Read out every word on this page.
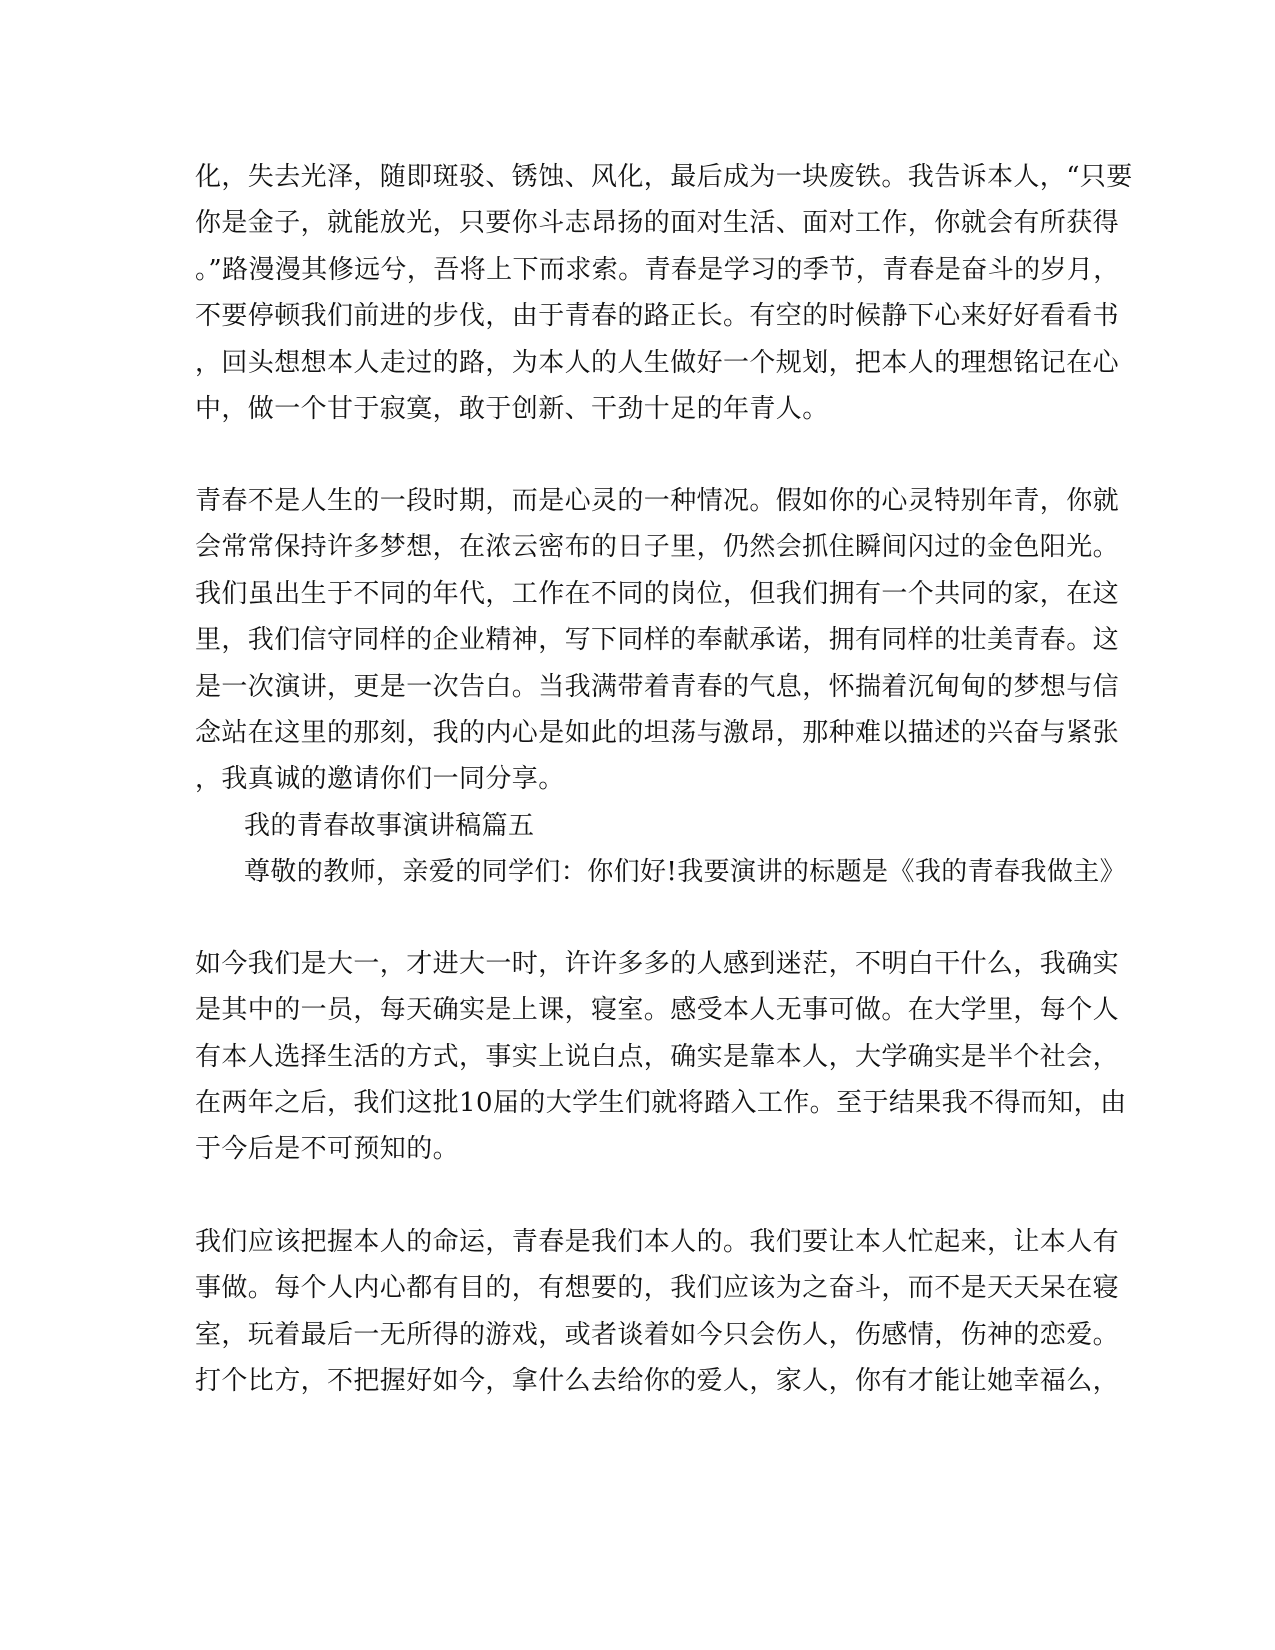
化，失去光泽，随即斑驳、锈蚀、风化，最后成为一块废铁。我告诉本人，“只要
你是金子，就能放光，只要你斗志昂扬的面对生活、面对工作，你就会有所获得
。”路漫漫其修远兮，吾将上下而求索。青春是学习的季节，青春是奋斗的岁月，
不要停顿我们前进的步伐，由于青春的路正长。有空的时候静下心来好好看看书
，回头想想本人走过的路，为本人的人生做好一个规划，把本人的理想铭记在心
中，做一个甘于寂寞，敢于创新、干劲十足的年青人。
青春不是人生的一段时期，而是心灵的一种情况。假如你的心灵特别年青，你就
会常常保持许多梦想，在浓云密布的日子里，仍然会抓住瞬间闪过的金色阳光。
我们虽出生于不同的年代，工作在不同的岗位，但我们拥有一个共同的家，在这
里，我们信守同样的企业精神，写下同样的奉献承诺，拥有同样的壮美青春。这
是一次演讲，更是一次告白。当我满带着青春的气息，怀揣着沉甸甸的梦想与信
念站在这里的那刻，我的内心是如此的坦荡与激昂，那种难以描述的兴奋与紧张
，我真诚的邀请你们一同分享。
我的青春故事演讲稿篇五
尊敬的教师，亲爱的同学们：你们好!我要演讲的标题是《我的青春我做主》
如今我们是大一，才进大一时，许许多多的人感到迷茫，不明白干什么，我确实
是其中的一员，每天确实是上课，寝室。感受本人无事可做。在大学里，每个人
有本人选择生活的方式，事实上说白点，确实是靠本人，大学确实是半个社会，
在两年之后，我们这批10届的大学生们就将踏入工作。至于结果我不得而知，由
于今后是不可预知的。
我们应该把握本人的命运，青春是我们本人的。我们要让本人忙起来，让本人有
事做。每个人内心都有目的，有想要的，我们应该为之奋斗，而不是天天呆在寝
室，玩着最后一无所得的游戏，或者谈着如今只会伤人，伤感情，伤神的恋爱。
打个比方，不把握好如今，拿什么去给你的爱人，家人，你有才能让她幸福么，
